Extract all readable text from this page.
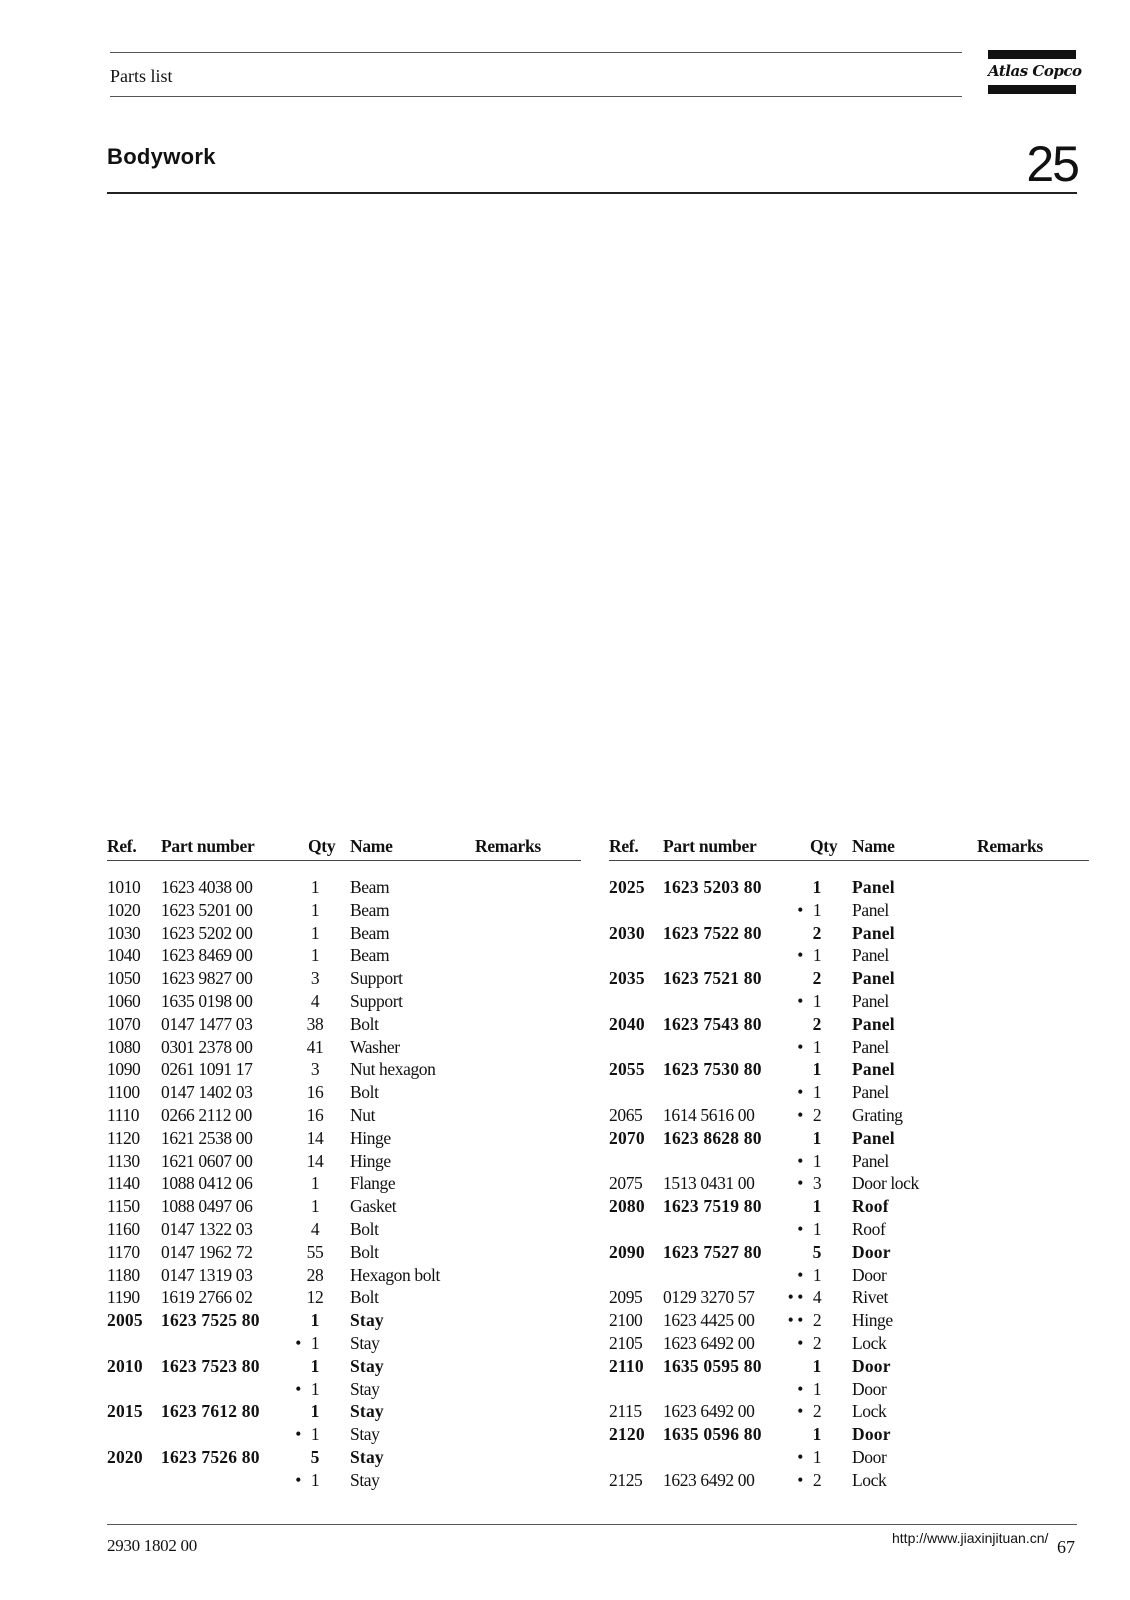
Parts list	Atlas Copco
Bodywork	25
Ref. Part number	Qty Name	Remarks
1010 1623 4038 00	1	Beam
1020 1623 5201 00	1	Beam
1030 1623 5202 00	1	Beam
1040 1623 8469 00	1	Beam
1050 1623 9827 00	3	Support
1060 1635 0198 00	4	Support
1070 0147 1477 03	38 Bolt
1080 0301 2378 00	41 Washer
1090 0261 1091 17	3	Nut hexagon
1100 0147 1402 03	16 Bolt
1110 0266 2112 00	16 Nut
1120 1621 2538 00	14 Hinge
1130 1621 0607 00	14 Hinge
1140 1088 0412 06	1	Flange
1150 1088 0497 06	1	Gasket
1160 0147 1322 03	4	Bolt
1170 0147 1962 72	55 Bolt
1180 0147 1319 03	28 Hexagon bolt
1190 1619 2766 02	12 Bolt
2005 1623 7525 80	1	Stay
• 1	Stay
2010 1623 7523 80	1	Stay
• 1	Stay
2015 1623 7612 80	1	Stay
• 1	Stay
2020 1623 7526 80	5	Stay
• 1	Stay
Ref. Part number	Qty Name	Remarks
2025 1623 5203 80	1	Panel
• 1	Panel
2030 1623 7522 80	2	Panel
• 1	Panel
2035 1623 7521 80	2	Panel
• 1	Panel
2040 1623 7543 80	2	Panel
• 1	Panel
2055 1623 7530 80	1	Panel
• 1	Panel
2065 1614 5616 00	• 2	Grating
2070 1623 8628 80	1	Panel
• 1	Panel
2075 1513 0431 00	• 3	Door lock
2080 1623 7519 80	1	Roof
• 1	Roof
2090 1623 7527 80	5	Door
• 1	Door
2095 0129 3270 57	• • 4	Rivet
2100 1623 4425 00	• • 2	Hinge
2105 1623 6492 00	• 2	Lock
2110 1635 0595 80	1	Door
• 1	Door
2115 1623 6492 00	• 2	Lock
2120 1635 0596 80	1	Door
• 1	Door
2125 1623 6492 00	• 2	Lock
2930 1802 00	http://www.jiaxinjituan.cn/ 67
